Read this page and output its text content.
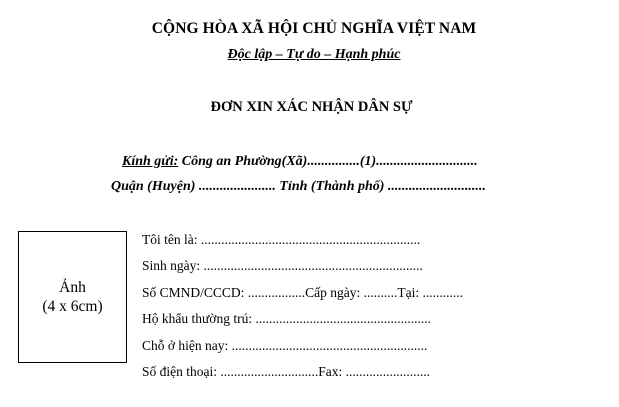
CỘNG HÒA XÃ HỘI CHỦ NGHĨA VIỆT NAM
Độc lập – Tự do – Hạnh phúc
ĐƠN XIN XÁC NHẬN DÂN SỰ
Kính gửi: Công an Phường(Xã)...............(1).............................
Quận (Huyện) ...................... Tỉnh (Thành phố) ............................
Ảnh
(4 x 6cm)
Tôi tên là: .................................................................
Sinh ngày: .................................................................
Số CMND/CCCD: .................Cấp ngày: ..........Tại: ............
Hộ khẩu thường trú: ....................................................
Chỗ ở hiện nay: ..........................................................
Số điện thoại: .............................Fax: .........................
